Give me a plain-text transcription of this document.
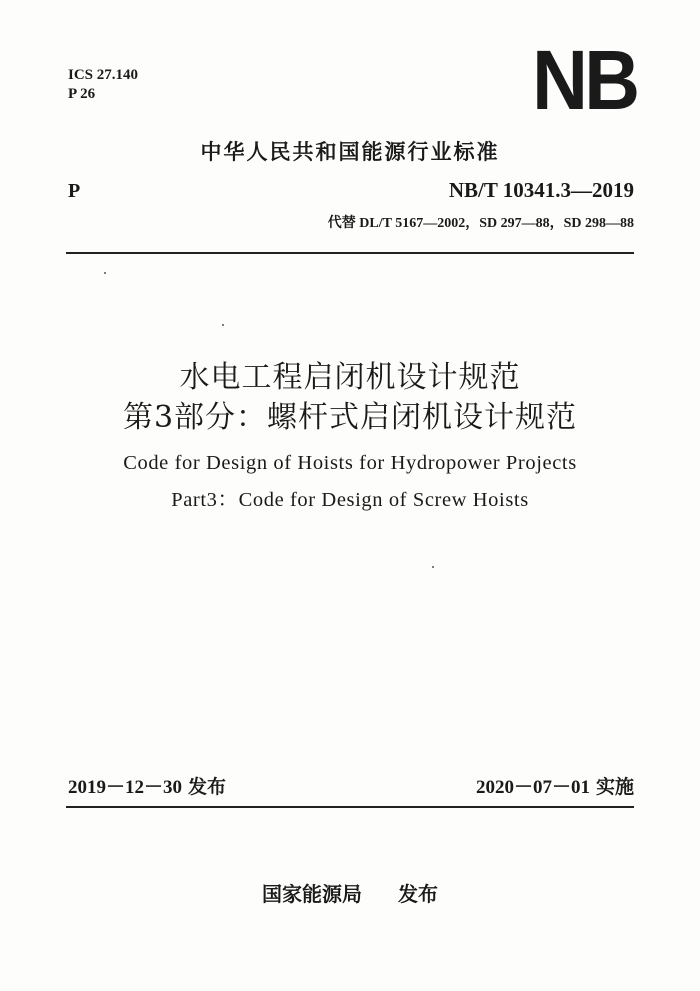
ICS 27.140
P 26	NB
中华人民共和国能源行业标准
P	NB/T 10341.3—2019
代替 DL/T 5167—2002，SD 297—88，SD 298—88
水电工程启闭机设计规范
第3部分：螺杆式启闭机设计规范
Code for Design of Hoists for Hydropower Projects
Part3：Code for Design of Screw Hoists
2019－12－30 发布	2020－07－01 实施
国家能源局 发布
